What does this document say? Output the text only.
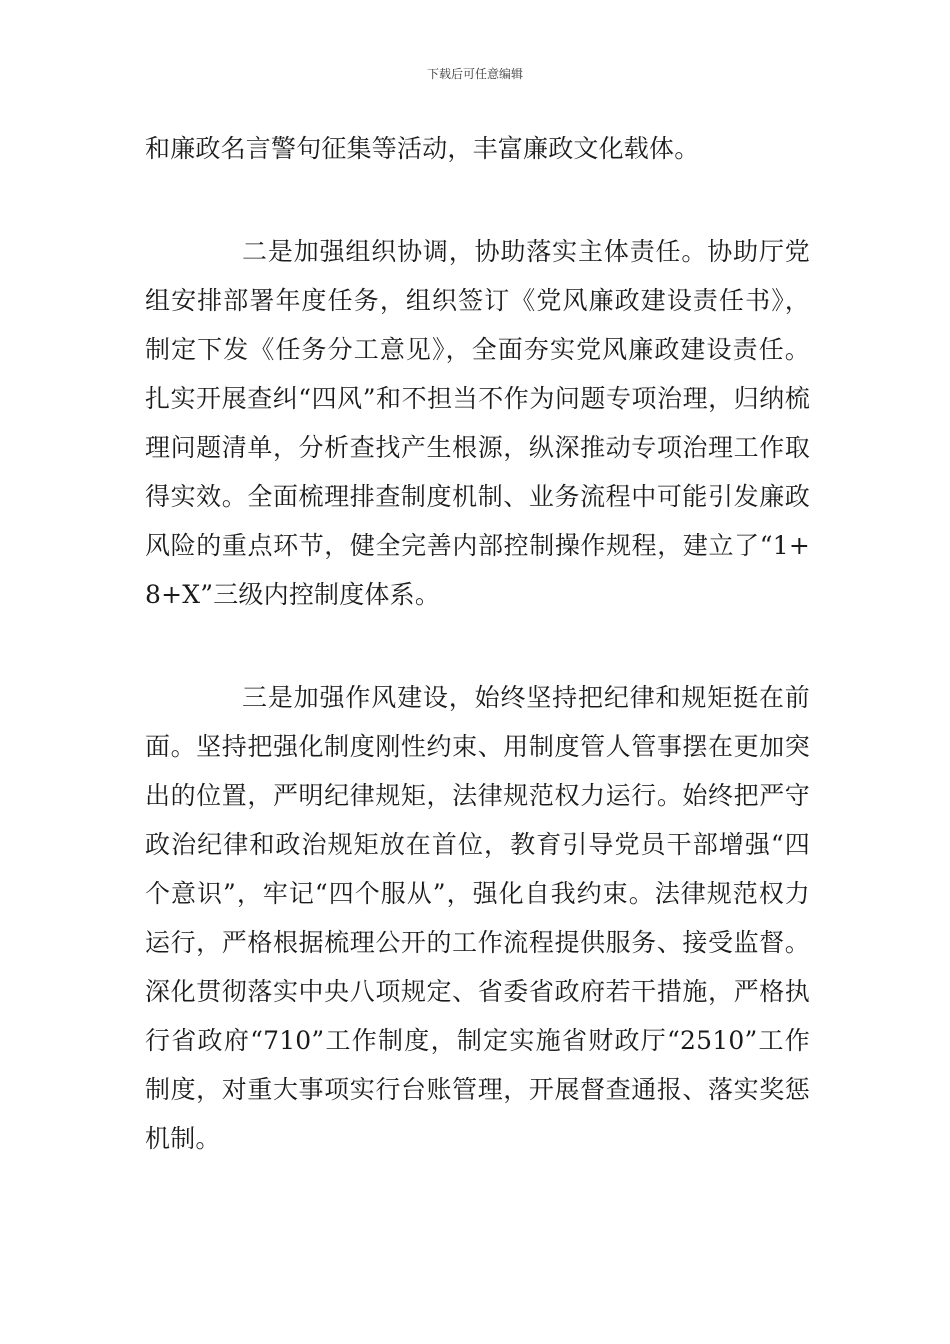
下载后可任意编辑

和廉政名言警句征集等活动，丰富廉政文化载体。

二是加强组织协调，协助落实主体责任。协助厅党组安排部署年度任务，组织签订《党风廉政建设责任书》，制定下发《任务分工意见》，全面夯实党风廉政建设责任。扎实开展查纠“四风”和不担当不作为问题专项治理，归纳梳理问题清单，分析查找产生根源，纵深推动专项治理工作取得实效。全面梳理排查制度机制、业务流程中可能引发廉政风险的重点环节，健全完善内部控制操作规程，建立了“1+8+X”三级内控制度体系。

三是加强作风建设，始终坚持把纪律和规矩挺在前面。坚持把强化制度刚性约束、用制度管人管事摆在更加突出的位置，严明纪律规矩，法律规范权力运行。始终把严守政治纪律和政治规矩放在首位，教育引导党员干部增强“四个意识”，牢记“四个服从”，强化自我约束。法律规范权力运行，严格根据梳理公开的工作流程提供服务、接受监督。深化贯彻落实中央八项规定、省委省政府若干措施，严格执行省政府“710”工作制度，制定实施省财政厅“2510”工作制度，对重大事项实行台账管理，开展督查通报、落实奖惩机制。
